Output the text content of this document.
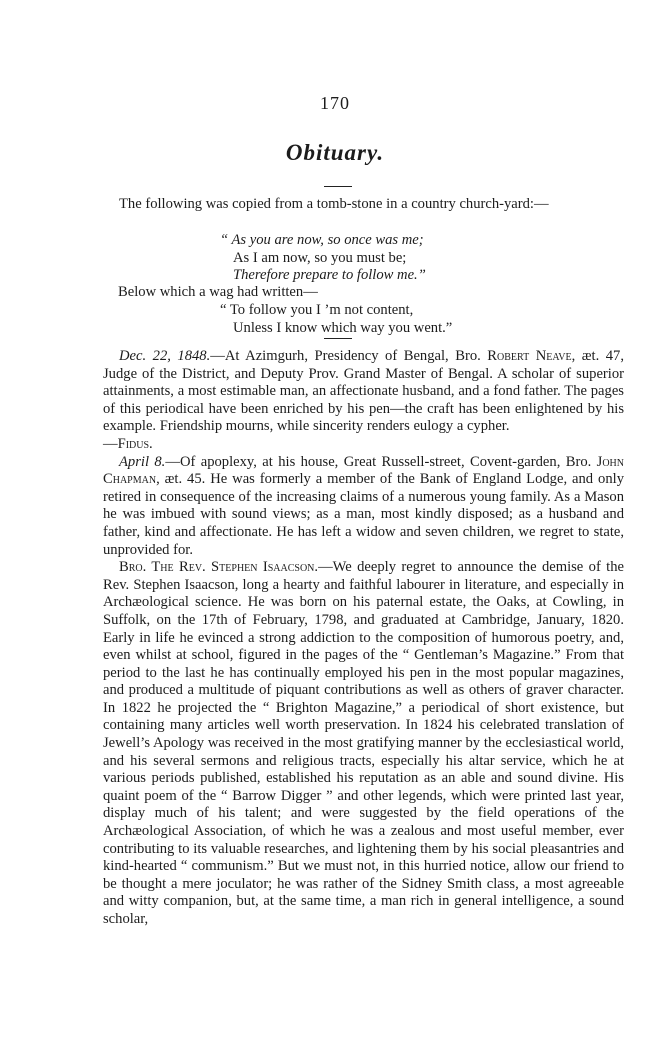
170
Obituary.
The following was copied from a tomb-stone in a country church-yard:—
“ As you are now, so once was me;
As I am now, so you must be;
Therefore prepare to follow me.”
Below which a wag had written—
“ To follow you I ’m not content,
Unless I know which way you went.”

Dec. 22, 1848.—At Azimgurh, Presidency of Bengal, Bro. Robert Neave, æt. 47, Judge of the District, and Deputy Prov. Grand Master of Bengal. A scholar of superior attainments, a most estimable man, an affectionate husband, and a fond father. The pages of this periodical have been enriched by his pen—the craft has been enlightened by his example. Friendship mourns, while sincerity renders eulogy a cypher.
—Fidus.

April 8.—Of apoplexy, at his house, Great Russell-street, Covent-garden, Bro. John Chapman, æt. 45. He was formerly a member of the Bank of England Lodge, and only retired in consequence of the increasing claims of a numerous young family. As a Mason he was imbued with sound views; as a man, most kindly disposed; as a husband and father, kind and affectionate. He has left a widow and seven children, we regret to state, unprovided for.

Bro. The Rev. Stephen Isaacson.—We deeply regret to announce the demise of the Rev. Stephen Isaacson, long a hearty and faithful labourer in literature, and especially in Archæological science. He was born on his paternal estate, the Oaks, at Cowling, in Suffolk, on the 17th of February, 1798, and graduated at Cambridge, January, 1820. Early in life he evinced a strong addiction to the composition of humorous poetry, and, even whilst at school, figured in the pages of the “ Gentleman’s Magazine.” From that period to the last he has continually employed his pen in the most popular magazines, and produced a multitude of piquant contributions as well as others of graver character. In 1822 he projected the “ Brighton Magazine,” a periodical of short existence, but containing many articles well worth preservation. In 1824 his celebrated translation of Jewell’s Apology was received in the most gratifying manner by the ecclesiastical world, and his several sermons and religious tracts, especially his altar service, which he at various periods published, established his reputation as an able and sound divine. His quaint poem of the “ Barrow Digger ” and other legends, which were printed last year, display much of his talent; and were suggested by the field operations of the Archæological Association, of which he was a zealous and most useful member, ever contributing to its valuable researches, and lightening them by his social pleasantries and kind-hearted “ communism.” But we must not, in this hurried notice, allow our friend to be thought a mere joculator; he was rather of the Sidney Smith class, a most agreeable and witty companion, but, at the same time, a man rich in general intelligence, a sound scholar,
